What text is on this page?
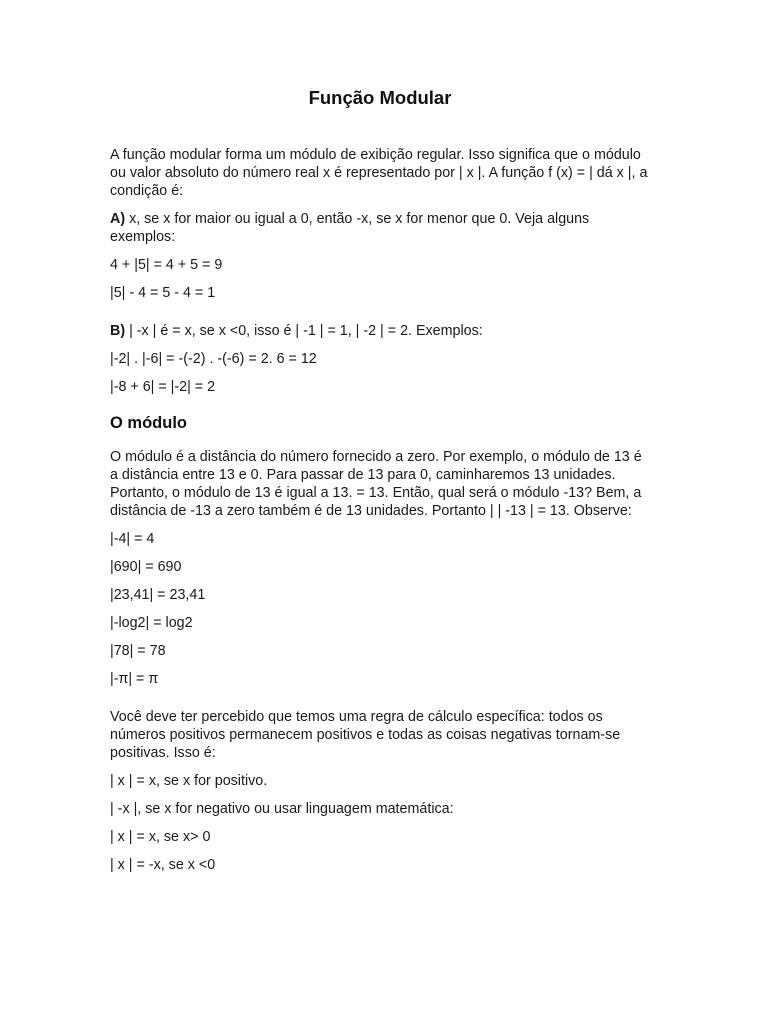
Função Modular

A função modular forma um módulo de exibição regular. Isso significa que o módulo ou valor absoluto do número real x é representado por | x |. A função f (x) = | dá x |, a condição é:

A) x, se x for maior ou igual a 0, então -x, se x for menor que 0. Veja alguns exemplos:

4 + |5| = 4 + 5 = 9

|5| - 4 = 5 - 4 = 1

B) | -x | é = x, se x <0, isso é | -1 | = 1, | -2 | = 2. Exemplos:

|-2| . |-6| = -(-2) . -(-6) = 2. 6 = 12

|-8 + 6| = |-2| = 2

O módulo

O módulo é a distância do número fornecido a zero. Por exemplo, o módulo de 13 é a distância entre 13 e 0. Para passar de 13 para 0, caminharemos 13 unidades. Portanto, o módulo de 13 é igual a 13. = 13. Então, qual será o módulo -13? Bem, a distância de -13 a zero também é de 13 unidades. Portanto | | -13 | = 13. Observe:

|-4| = 4

|690| = 690

|23,41| = 23,41

|-log2| = log2

|78| = 78

|-π| = π

Você deve ter percebido que temos uma regra de cálculo específica: todos os números positivos permanecem positivos e todas as coisas negativas tornam-se positivas. Isso é:

| x | = x, se x for positivo.

| -x |, se x for negativo ou usar linguagem matemática:

| x | = x, se x> 0

| x | = -x, se x <0
